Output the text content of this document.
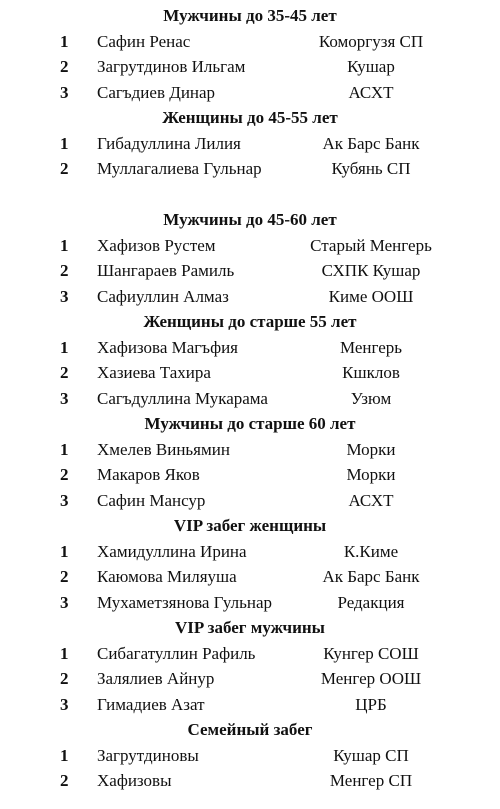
Мужчины до 35-45 лет
1	Сафин Ренас	Коморгузя СП
2	Загрутдинов Ильгам	Кушар
3	Сагъдиев Динар	АСХТ
Женщины до 45-55 лет
1	Гибадуллина Лилия	Ак Барс Банк
2	Муллагалиева Гульнар	Кубянь СП
Мужчины до 45-60 лет
1	Хафизов Рустем	Старый Менгерь
2	Шангараев Рамиль	СХПК Кушар
3	Сафиуллин Алмаз	Киме ООШ
Женщины до старше 55 лет
1	Хафизова Магъфия	Менгерь
2	Хазиева Тахира	Кшклов
3	Сагъдуллина Мукарама	Узюм
Мужчины до старше 60 лет
1	Хмелев Виньямин	Морки
2	Макаров Яков	Морки
3	Сафин Мансур	АСХТ
VIP забег женщины
1	Хамидуллина Ирина	К.Киме
2	Каюмова Миляуша	Ак Барс Банк
3	Мухаметзянова Гульнар	Редакция
VIP забег мужчины
1	Сибагатуллин Рафиль	Кунгер СОШ
2	Залялиев Айнур	Менгер ООШ
3	Гимадиев Азат	ЦРБ
Семейный забег
1	Загрутдиновы	Кушар СП
2	Хафизовы	Менгер СП
